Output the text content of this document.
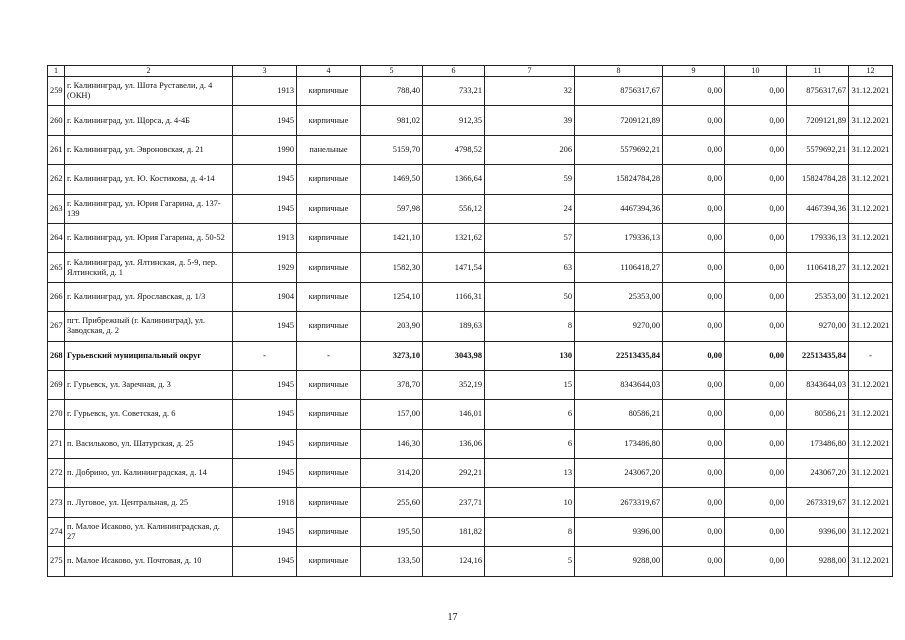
1	2	3	4	5	6	7	8	9	10	11	12
259	г. Калининград, ул. Шота Руставели, д. 4 (ОКН)	1913	кирпичные	788,40	733,21	32	8756317,67	0,00	0,00	8756317,67	31.12.2021
260	г. Калининград, ул. Щорса, д. 4-4Б	1945	кирпичные	981,02	912,35	39	7209121,89	0,00	0,00	7209121,89	31.12.2021
261	г. Калининград, ул. Эвроновская, д. 21	1990	панельные	5159,70	4798,52	206	5579692,21	0,00	0,00	5579692,21	31.12.2021
262	г. Калининград, ул. Ю. Костикова, д. 4-14	1945	кирпичные	1469,50	1366,64	59	15824784,28	0,00	0,00	15824784,28	31.12.2021
263	г. Калининград, ул. Юрия Гагарина, д. 137-139	1945	кирпичные	597,98	556,12	24	4467394,36	0,00	0,00	4467394,36	31.12.2021
264	г. Калининград, ул. Юрия Гагарина, д. 50-52	1913	кирпичные	1421,10	1321,62	57	179336,13	0,00	0,00	179336,13	31.12.2021
265	г. Калининград, ул. Ялтинская, д. 5-9, пер. Ялтинский, д. 1	1929	кирпичные	1582,30	1471,54	63	1106418,27	0,00	0,00	1106418,27	31.12.2021
266	г. Калининград, ул. Ярославская, д. 1/3	1904	кирпичные	1254,10	1166,31	50	25353,00	0,00	0,00	25353,00	31.12.2021
267	пгт. Прибрежный (г. Калининград), ул. Заводская, д. 2	1945	кирпичные	203,90	189,63	8	9270,00	0,00	0,00	9270,00	31.12.2021
268	Гурьевский муниципальный округ	-	-	3273,10	3043,98	130	22513435,84	0,00	0,00	22513435,84	-
269	г. Гурьевск, ул. Заречная, д. 3	1945	кирпичные	378,70	352,19	15	8343644,03	0,00	0,00	8343644,03	31.12.2021
270	г. Гурьевск, ул. Советская, д. 6	1945	кирпичные	157,00	146,01	6	80586,21	0,00	0,00	80586,21	31.12.2021
271	п. Васильково, ул. Шатурская, д. 25	1945	кирпичные	146,30	136,06	6	173486,80	0,00	0,00	173486,80	31.12.2021
272	п. Добрино, ул. Калининградская, д. 14	1945	кирпичные	314,20	292,21	13	243067,20	0,00	0,00	243067,20	31.12.2021
273	п. Луговое, ул. Центральная, д. 25	1918	кирпичные	255,60	237,71	10	2673319,67	0,00	0,00	2673319,67	31.12.2021
274	п. Малое Исаково, ул. Калининградская, д. 27	1945	кирпичные	195,50	181,82	8	9396,00	0,00	0,00	9396,00	31.12.2021
275	п. Малое Исаково, ул. Почтовая, д. 10	1945	кирпичные	133,50	124,16	5	9288,00	0,00	0,00	9288,00	31.12.2021
17
